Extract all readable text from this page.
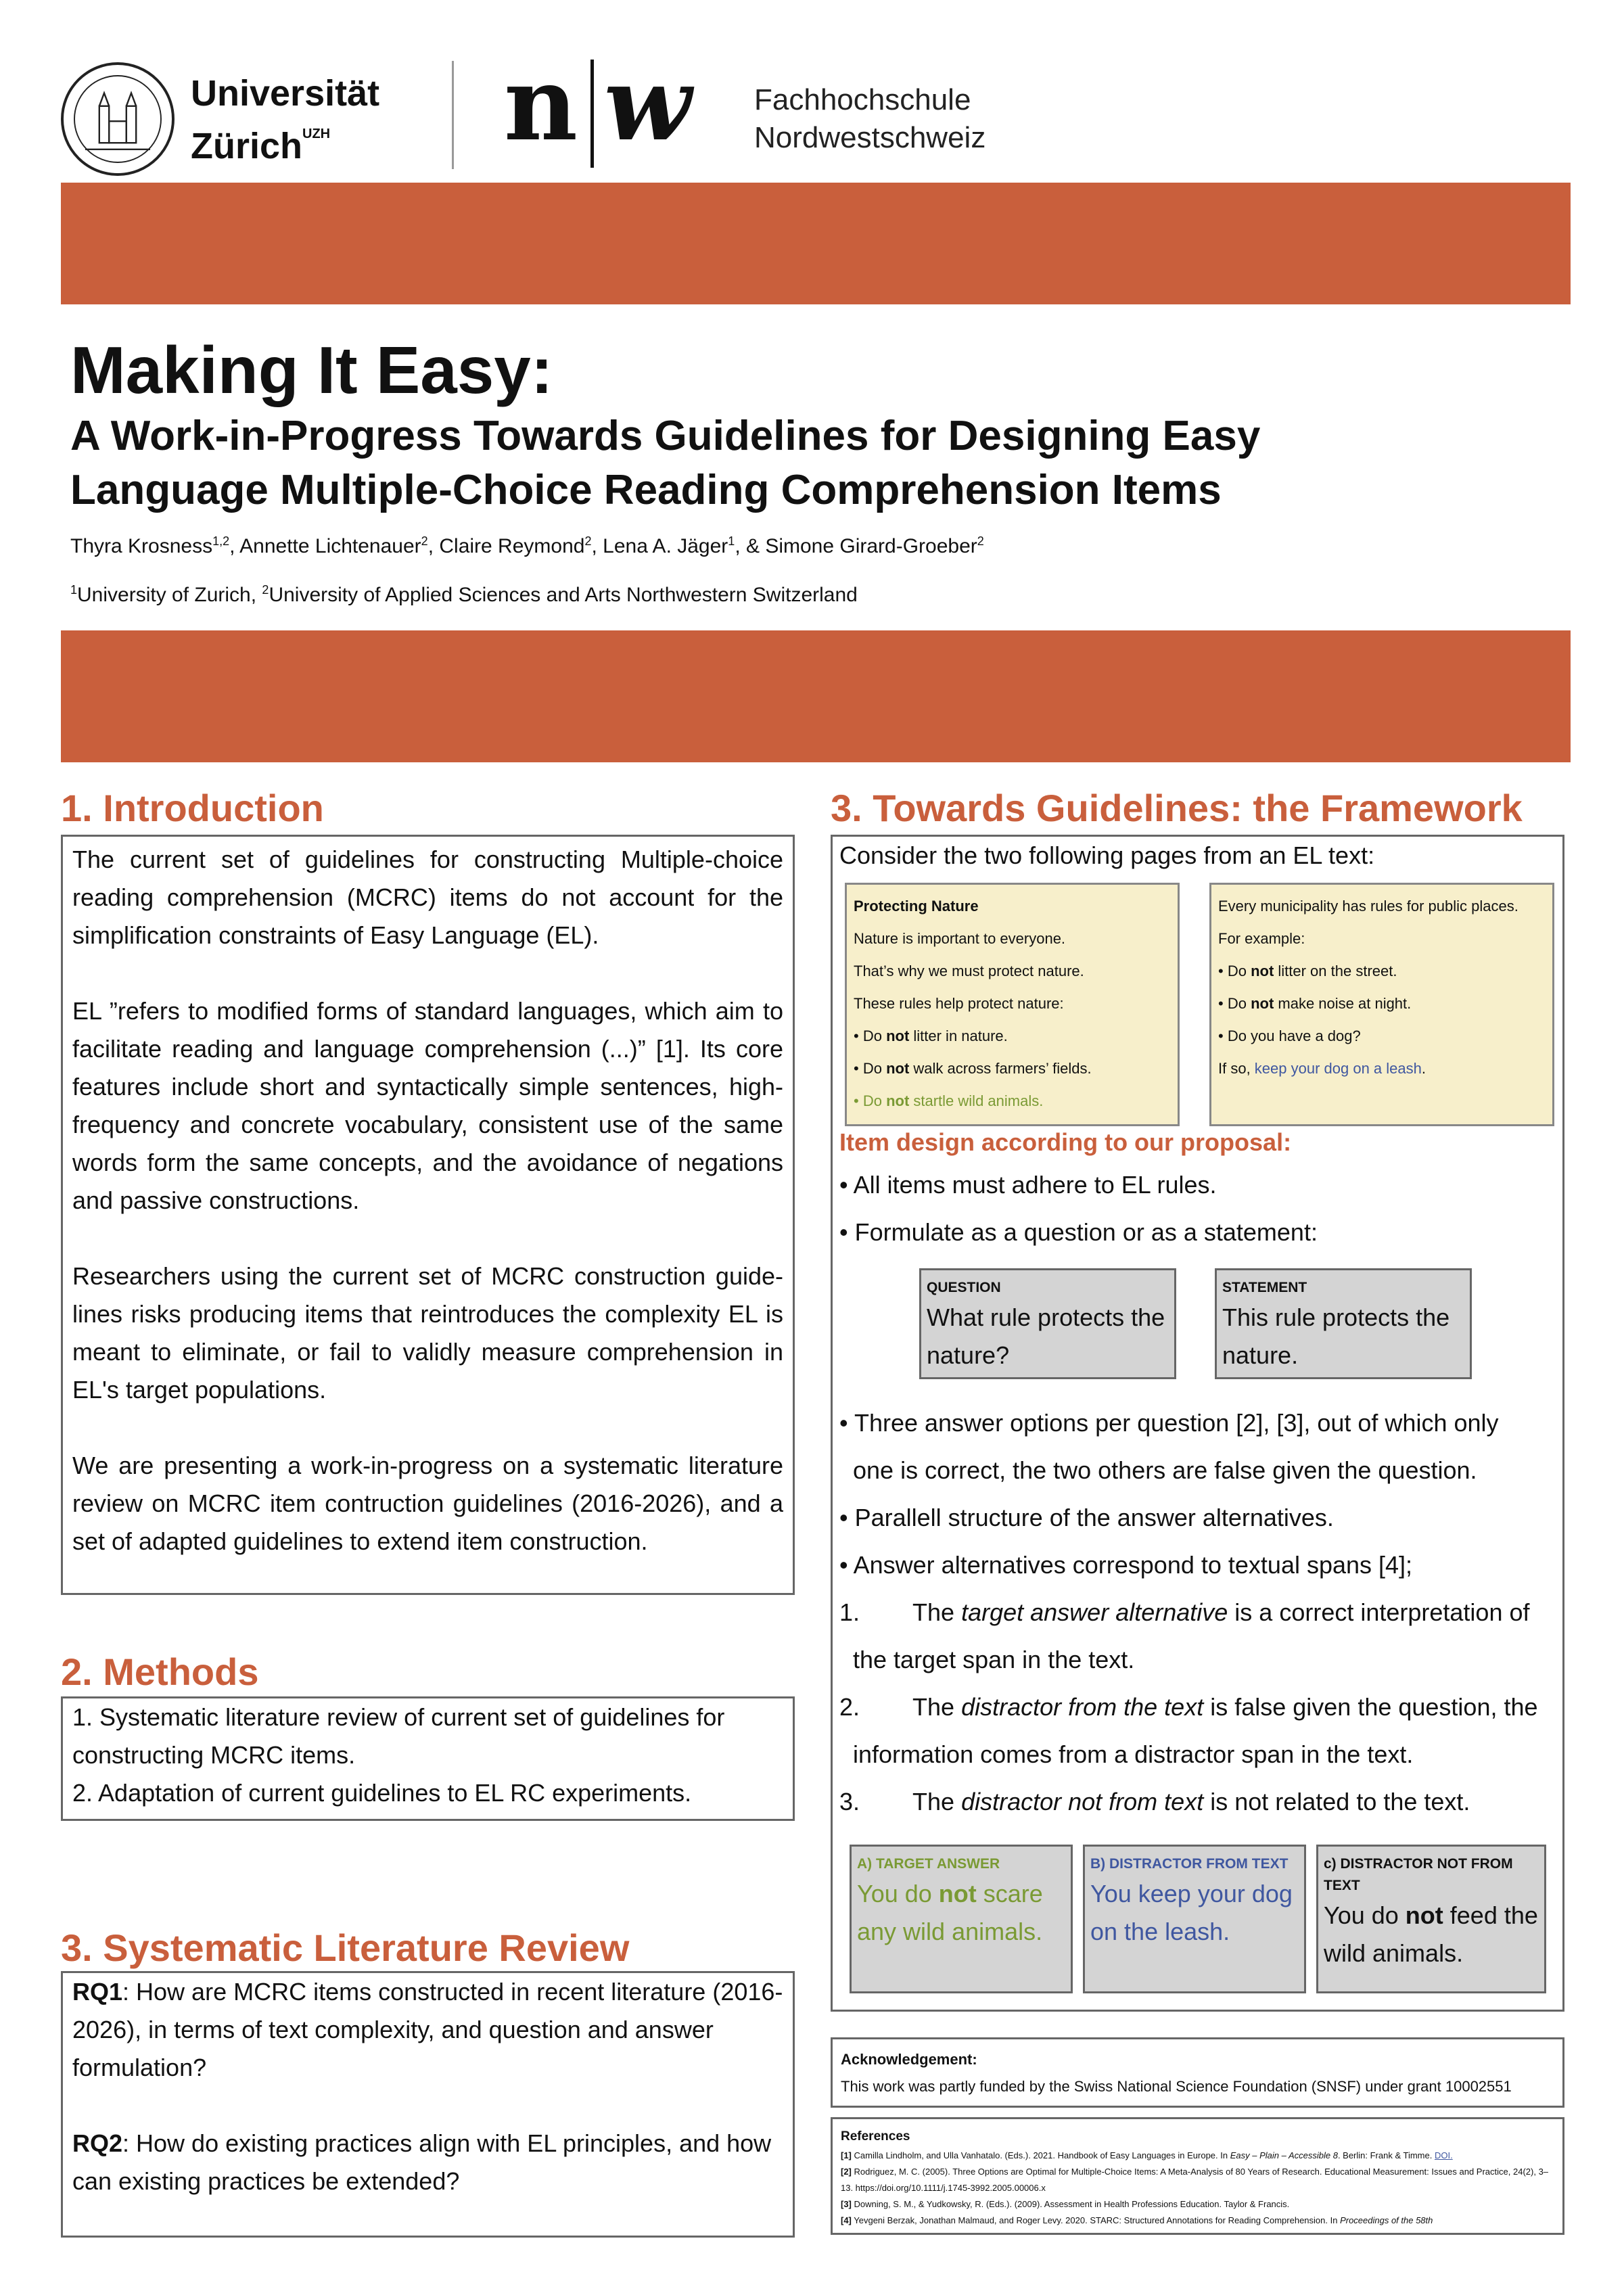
Universität
Zürich$^{UZH}$	n w Fachhochschule
Nordwestschweiz
Making It Easy:
A Work-in-Progress Towards Guidelines for Designing Easy
Language Multiple-Choice Reading Comprehension Items
Thyra Krosness$^{1,2}$, Annette Lichtenauer$^2$, Claire Reymond$^2$, Lena A. Jäger$^1$, & Simone Girard-Groeber$^2$
$^1$University of Zurich, $^2$University of Applied Sciences and Arts Northwestern Switzerland
1. Introduction

The current set of guidelines for constructing Multiple-choice reading comprehension (MCRC) items do not account for the simplification constraints of Easy Language (EL).

EL ”refers to modified forms of standard languages, which aim to facilitate reading and language comprehension (...)” [1]. Its core features include short and syntactically simple sentences, high-frequency and concrete vocabulary, consistent use of the same words form the same concepts, and the avoidance of negations and passive constructions.

Researchers using the current set of MCRC construction guide-lines risks producing items that reintroduces the complexity EL is meant to eliminate, or fail to validly measure comprehension in EL's target populations.

We are presenting a work-in-progress on a systematic literature review on MCRC item contruction guidelines (2016-2026), and a set of adapted guidelines to extend item construction.

2. Methods
1. Systematic literature review of current set of guidelines for constructing MCRC items.
2. Adaptation of current guidelines to EL RC experiments.
3. Systematic Literature Review

RQ1: How are MCRC items constructed in recent literature (2016-2026), in terms of text complexity, and question and answer formulation?

RQ2: How do existing practices align with EL principles, and how can existing practices be extended?

3. Towards Guidelines: the Framework
Consider the two following pages from an EL text:
Protecting Nature
Nature is important to everyone.
That’s why we must protect nature.
These rules help protect nature:
• Do not litter in nature.
• Do not walk across farmers’ fields.
• Do not startle wild animals.
Every municipality has rules for public places.
For example:
• Do not litter on the street.
• Do not make noise at night.
• Do you have a dog?
If so, keep your dog on a leash.
Item design according to our proposal:
• All items must adhere to EL rules.
• Formulate as a question or as a statement:
QUESTION
What rule protects the nature?
STATEMENT
This rule protects the nature.
• Three answer options per question [2], [3], out of which only
one is correct, the two others are false given the question.
• Parallell structure of the answer alternatives.
• Answer alternatives correspond to textual spans [4];
1. The target answer alternative is a correct interpretation of
the target span in the text.
2. The distractor from the text is false given the question, the
information comes from a distractor span in the text.
3. The distractor not from text is not related to the text.
A) TARGET ANSWER
You do not scare any wild animals.
B) DISTRACTOR FROM TEXT
You keep your dog on the leash.
c) DISTRACTOR NOT FROM TEXT
You do not feed the wild animals.
Acknowledgement:
This work was partly funded by the Swiss National Science Foundation (SNSF) under grant 10002551
References
[1] Camilla Lindholm, and Ulla Vanhatalo. (Eds.). 2021. Handbook of Easy Languages in Europe. In Easy – Plain – Accessible 8. Berlin: Frank & Timme. DOI.
[2] Rodriguez, M. C. (2005). Three Options are Optimal for Multiple-Choice Items: A Meta-Analysis of 80 Years of Research. Educational Measurement: Issues and Practice, 24(2), 3–13. https://doi.org/10.1111/j.1745-3992.2005.00006.x
[3] Downing, S. M., & Yudkowsky, R. (Eds.). (2009). Assessment in Health Professions Education. Taylor & Francis.
[4] Yevgeni Berzak, Jonathan Malmaud, and Roger Levy. 2020. STARC: Structured Annotations for Reading Comprehension. In Proceedings of the 58th
